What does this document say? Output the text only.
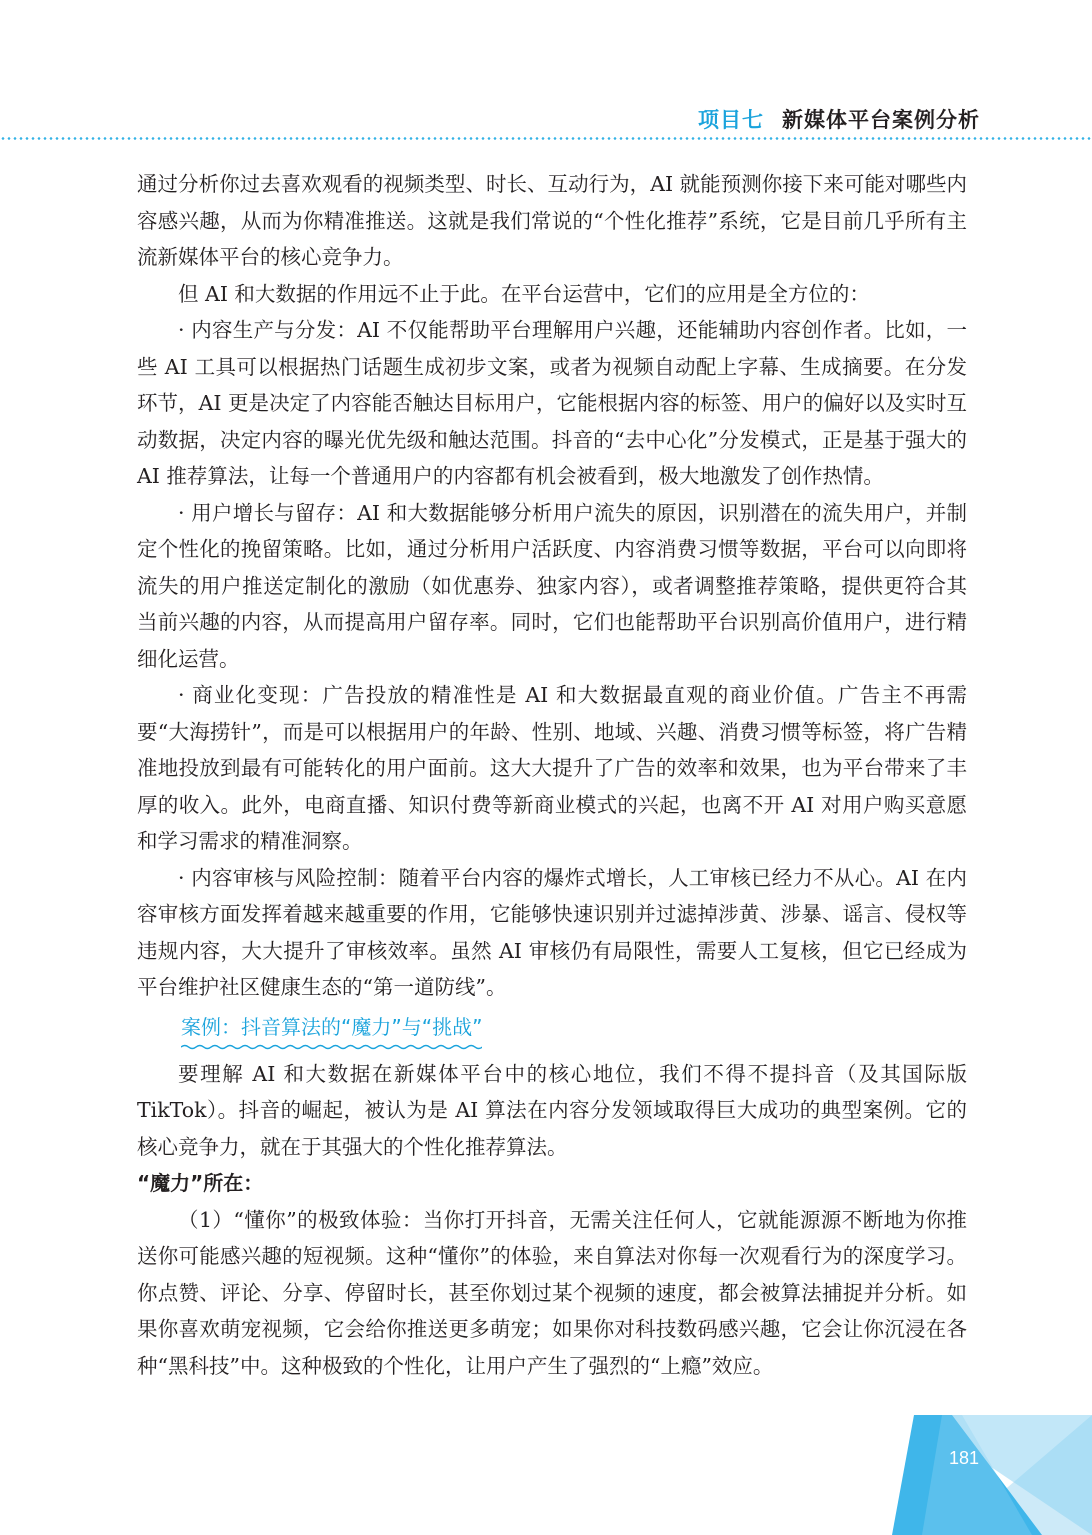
项目七 新媒体平台案例分析

通过分析你过去喜欢观看的视频类型、时长、互动行为，AI 就能预测你接下来可能对哪些内容感兴趣，从而为你精准推送。这就是我们常说的“个性化推荐”系统，它是目前几乎所有主流新媒体平台的核心竞争力。

但 AI 和大数据的作用远不止于此。在平台运营中，它们的应用是全方位的：

· 内容生产与分发：AI 不仅能帮助平台理解用户兴趣，还能辅助内容创作者。比如，一些 AI 工具可以根据热门话题生成初步文案，或者为视频自动配上字幕、生成摘要。在分发环节，AI 更是决定了内容能否触达目标用户，它能根据内容的标签、用户的偏好以及实时互动数据，决定内容的曝光优先级和触达范围。抖音的“去中心化”分发模式，正是基于强大的 AI 推荐算法，让每一个普通用户的内容都有机会被看到，极大地激发了创作热情。

· 用户增长与留存：AI 和大数据能够分析用户流失的原因，识别潜在的流失用户，并制定个性化的挽留策略。比如，通过分析用户活跃度、内容消费习惯等数据，平台可以向即将流失的用户推送定制化的激励（如优惠券、独家内容），或者调整推荐策略，提供更符合其当前兴趣的内容，从而提高用户留存率。同时，它们也能帮助平台识别高价值用户，进行精细化运营。

· 商业化变现：广告投放的精准性是 AI 和大数据最直观的商业价值。广告主不再需要“大海捞针”，而是可以根据用户的年龄、性别、地域、兴趣、消费习惯等标签，将广告精准地投放到最有可能转化的用户面前。这大大提升了广告的效率和效果，也为平台带来了丰厚的收入。此外，电商直播、知识付费等新商业模式的兴起，也离不开 AI 对用户购买意愿和学习需求的精准洞察。

· 内容审核与风险控制：随着平台内容的爆炸式增长，人工审核已经力不从心。AI 在内容审核方面发挥着越来越重要的作用，它能够快速识别并过滤掉涉黄、涉暴、谣言、侵权等违规内容，大大提升了审核效率。虽然 AI 审核仍有局限性，需要人工复核，但它已经成为平台维护社区健康生态的“第一道防线”。

案例：抖音算法的“魔力”与“挑战”

要理解 AI 和大数据在新媒体平台中的核心地位，我们不得不提抖音（及其国际版 TikTok）。抖音的崛起，被认为是 AI 算法在内容分发领域取得巨大成功的典型案例。它的核心竞争力，就在于其强大的个性化推荐算法。

“魔力”所在：

（1）“懂你”的极致体验：当你打开抖音，无需关注任何人，它就能源源不断地为你推送你可能感兴趣的短视频。这种“懂你”的体验，来自算法对你每一次观看行为的深度学习。你点赞、评论、分享、停留时长，甚至你划过某个视频的速度，都会被算法捕捉并分析。如果你喜欢萌宠视频，它会给你推送更多萌宠；如果你对科技数码感兴趣，它会让你沉浸在各种“黑科技”中。这种极致的个性化，让用户产生了强烈的“上瘾”效应。

181
